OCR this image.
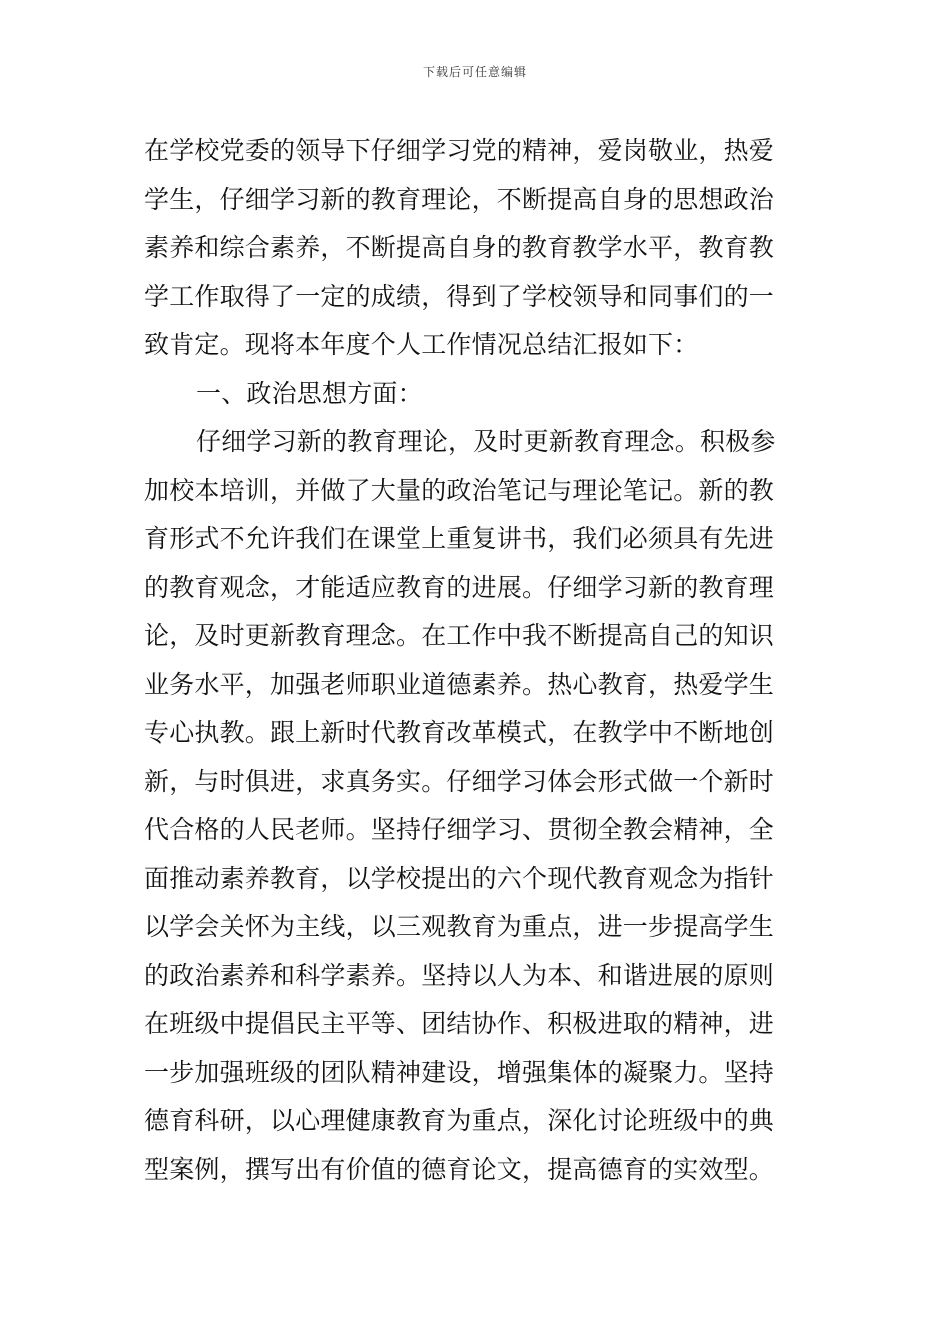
下载后可任意编辑
在学校党委的领导下仔细学习党的精神，爱岗敬业，热爱
学生，仔细学习新的教育理论，不断提高自身的思想政治
素养和综合素养，不断提高自身的教育教学水平，教育教
学工作取得了一定的成绩，得到了学校领导和同事们的一
致肯定。现将本年度个人工作情况总结汇报如下：
一、政治思想方面：
仔细学习新的教育理论，及时更新教育理念。积极参
加校本培训，并做了大量的政治笔记与理论笔记。新的教
育形式不允许我们在课堂上重复讲书，我们必须具有先进
的教育观念，才能适应教育的进展。仔细学习新的教育理
论，及时更新教育理念。在工作中我不断提高自己的知识
业务水平，加强老师职业道德素养。热心教育，热爱学生
专心执教。跟上新时代教育改革模式，在教学中不断地创
新，与时俱进，求真务实。仔细学习体会形式做一个新时
代合格的人民老师。坚持仔细学习、贯彻全教会精神，全
面推动素养教育，以学校提出的六个现代教育观念为指针
以学会关怀为主线，以三观教育为重点，进一步提高学生
的政治素养和科学素养。坚持以人为本、和谐进展的原则
在班级中提倡民主平等、团结协作、积极进取的精神，进
一步加强班级的团队精神建设，增强集体的凝聚力。坚持
德育科研，以心理健康教育为重点，深化讨论班级中的典
型案例，撰写出有价值的德育论文，提高德育的实效型。
